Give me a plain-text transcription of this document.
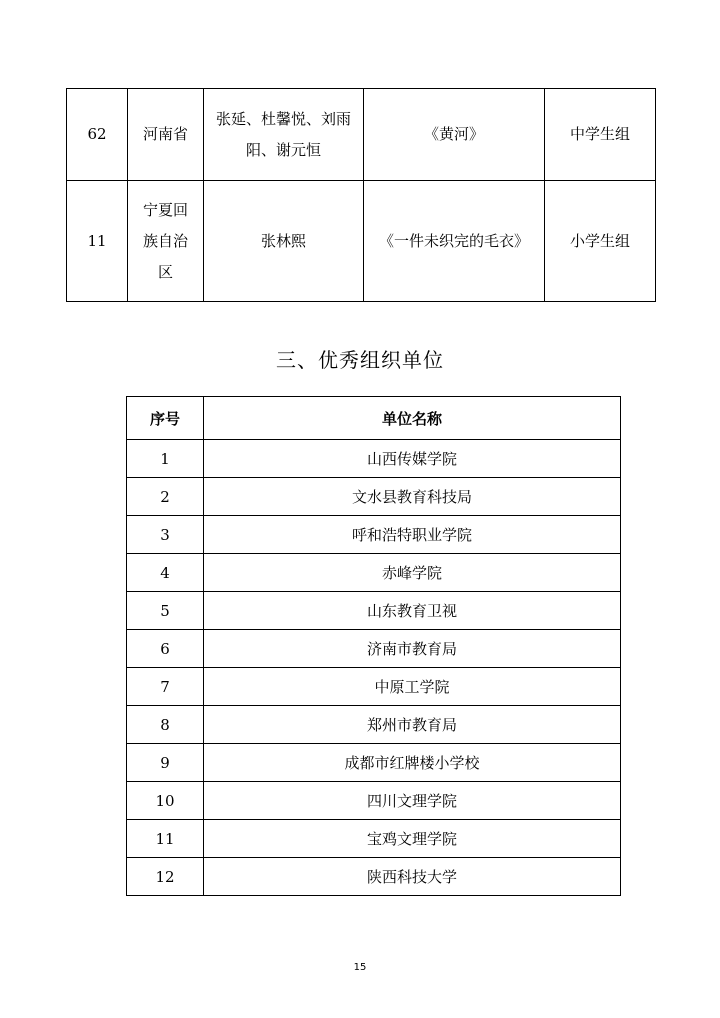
62	河南省	张延、杜馨悦、刘雨阳、谢元恒	《黄河》	中学生组
11	宁夏回族自治区	张林熙	《一件未织完的毛衣》	小学生组
三、优秀组织单位
序号	单位名称
1	山西传媒学院
2	文水县教育科技局
3	呼和浩特职业学院
4	赤峰学院
5	山东教育卫视
6	济南市教育局
7	中原工学院
8	郑州市教育局
9	成都市红牌楼小学校
10	四川文理学院
11	宝鸡文理学院
12	陕西科技大学
15
